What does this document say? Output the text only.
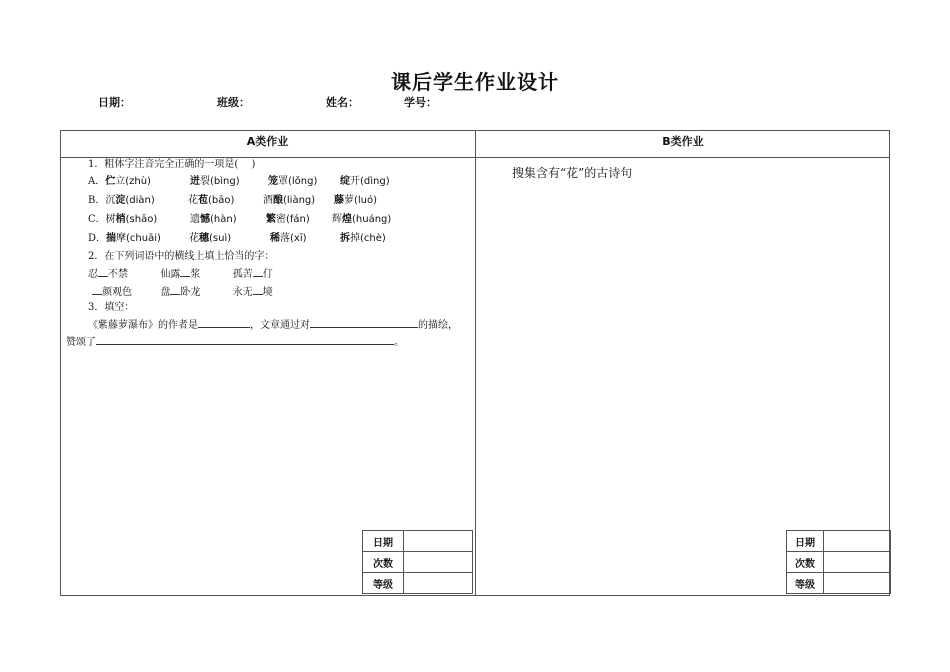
课后学生作业设计
日期：	班级：	姓名：	学号：
A类作业	B类作业
1．粗体字注音完全正确的一项是(　 )
A．伫立(zhù)	迸裂(bìng)	笼罩(lǒng) 绽开(dìng)
B．沉淀(diàn)	花苞(bāo)	酒酿(liàng) 藤萝(luó)
C．树梢(shāo)	遗憾(hàn)	繁密(fán) 辉煌(huáng)
D．揣摩(chuāi)	花穗(suì)	稀落(xī)	拆掉(chè)
2．在下列词语中的横线上填上恰当的字：
忍 不禁	仙露 浆	孤苦 仃
颜观色	盘 卧龙	永无 境
3．填空：
《紫藤萝瀑布》的作者是	，文章通过对	的描绘，
赞颂了	。
日期	
次数	
等级	
搜集含有“花”的古诗句
日期	
次数	
等级	
